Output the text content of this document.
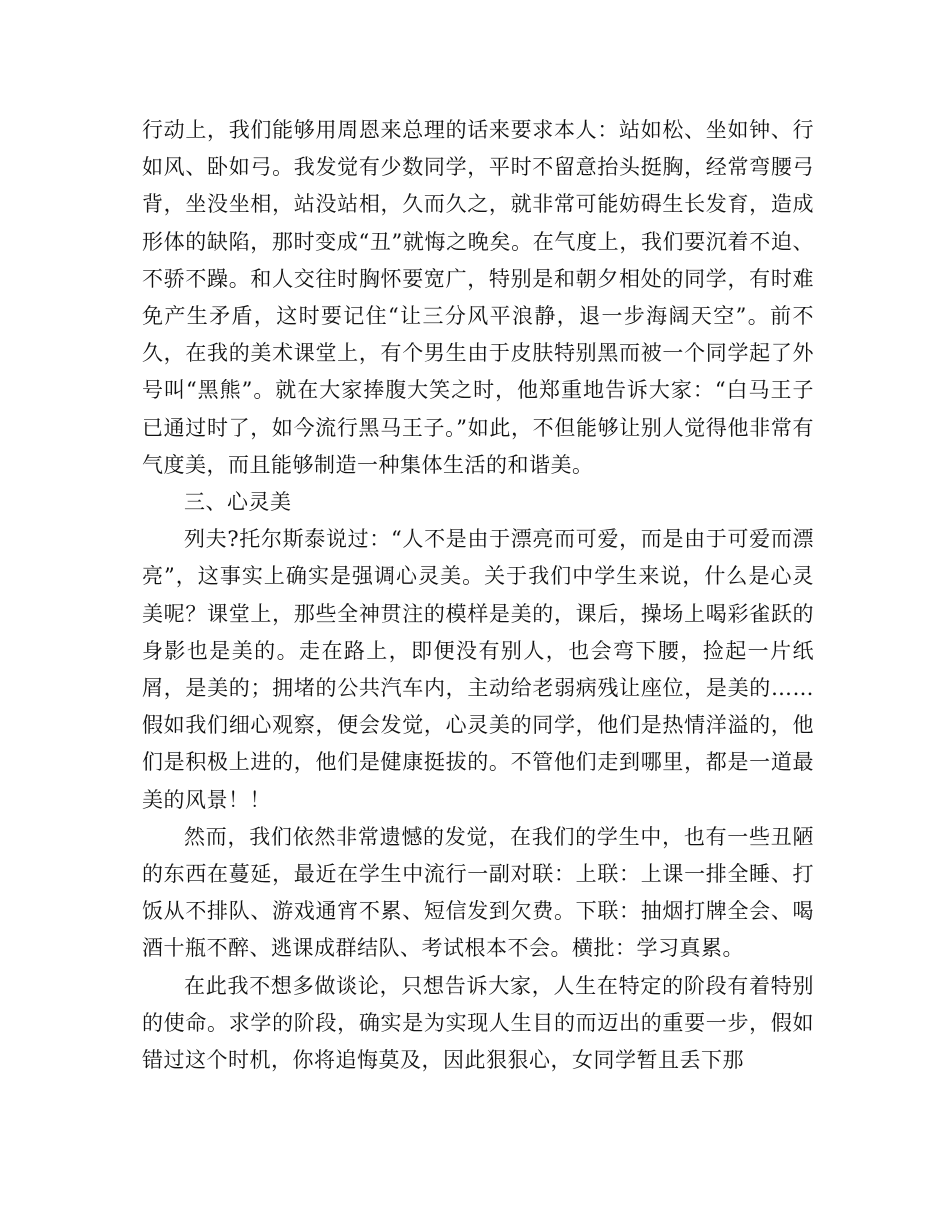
行动上，我们能够用周恩来总理的话来要求本人：站如松、坐如钟、行如风、卧如弓。我发觉有少数同学，平时不留意抬头挺胸，经常弯腰弓背，坐没坐相，站没站相，久而久之，就非常可能妨碍生长发育，造成形体的缺陷，那时变成“丑”就悔之晚矣。在气度上，我们要沉着不迫、不骄不躁。和人交往时胸怀要宽广，特别是和朝夕相处的同学，有时难免产生矛盾，这时要记住“让三分风平浪静，退一步海阔天空”。前不久，在我的美术课堂上，有个男生由于皮肤特别黑而被一个同学起了外号叫“黑熊”。就在大家捧腹大笑之时，他郑重地告诉大家：“白马王子已通过时了，如今流行黑马王子。”如此，不但能够让别人觉得他非常有气度美，而且能够制造一种集体生活的和谐美。

三、心灵美

列夫?托尔斯泰说过：“人不是由于漂亮而可爱，而是由于可爱而漂亮”，这事实上确实是强调心灵美。关于我们中学生来说，什么是心灵美呢？课堂上，那些全神贯注的模样是美的，课后，操场上喝彩雀跃的身影也是美的。走在路上，即便没有别人，也会弯下腰，捡起一片纸屑，是美的；拥堵的公共汽车内，主动给老弱病残让座位，是美的……假如我们细心观察，便会发觉，心灵美的同学，他们是热情洋溢的，他们是积极上进的，他们是健康挺拔的。不管他们走到哪里，都是一道最美的风景！！

然而，我们依然非常遗憾的发觉，在我们的学生中，也有一些丑陋的东西在蔓延，最近在学生中流行一副对联：上联：上课一排全睡、打饭从不排队、游戏通宵不累、短信发到欠费。下联：抽烟打牌全会、喝酒十瓶不醉、逃课成群结队、考试根本不会。横批：学习真累。

在此我不想多做谈论，只想告诉大家，人生在特定的阶段有着特别的使命。求学的阶段，确实是为实现人生目的而迈出的重要一步，假如错过这个时机，你将追悔莫及，因此狠狠心，女同学暂且丢下那
